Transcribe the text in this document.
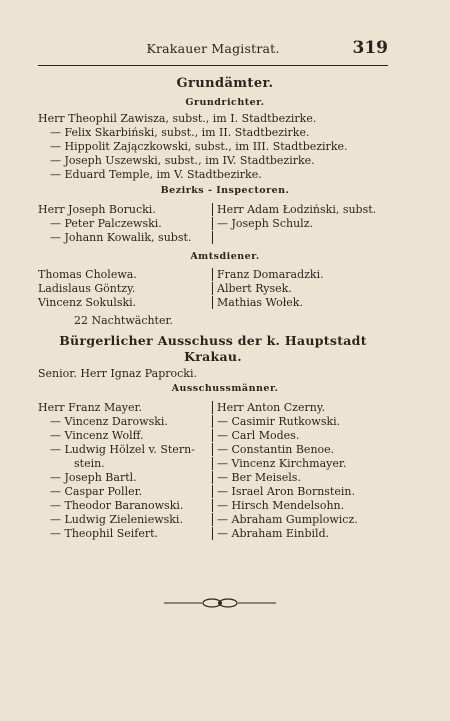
Krakauer Magistrat.	319
Grundämter.
Grundrichter.
Herr Theophil Zawisza, subst., im I. Stadtbezirke.
— Felix Skarbiński, subst., im II. Stadtbezirke.
— Hippolit Zajączkowski, subst., im III. Stadtbezirke.
— Joseph Uszewski, subst., im IV. Stadtbezirke.
— Eduard Temple, im V. Stadtbezirke.
Bezirks - Inspectoren.
Herr Joseph Borucki.
— Peter Palczewski.
— Johann Kowalik, subst.
Herr Adam Łodziński, subst.
— Joseph Schulz.
Amtsdiener.
Thomas Cholewa.
Ladislaus Göntzy.
Vincenz Sokulski.
Franz Domaradzki.
Albert Rysek.
Mathias Wołek.
22 Nachtwächter.
Bürgerlicher Ausschuss der k. Hauptstadt
Krakau.
Senior. Herr Ignaz Paprocki.
Ausschussmänner.
Herr Franz Mayer.
— Vincenz Darowski.
— Vincenz Wolff.
— Ludwig Hölzel v. Stern-
stein.
— Joseph Bartl.
— Caspar Poller.
— Theodor Baranowski.
— Ludwig Zieleniewski.
— Theophil Seifert.
Herr Anton Czerny.
— Casimir Rutkowski.
— Carl Modes.
— Constantin Benoe.
— Vincenz Kirchmayer.
— Ber Meisels.
— Israel Aron Bornstein.
— Hirsch Mendelsohn.
— Abraham Gumplowicz.
— Abraham Einbild.
